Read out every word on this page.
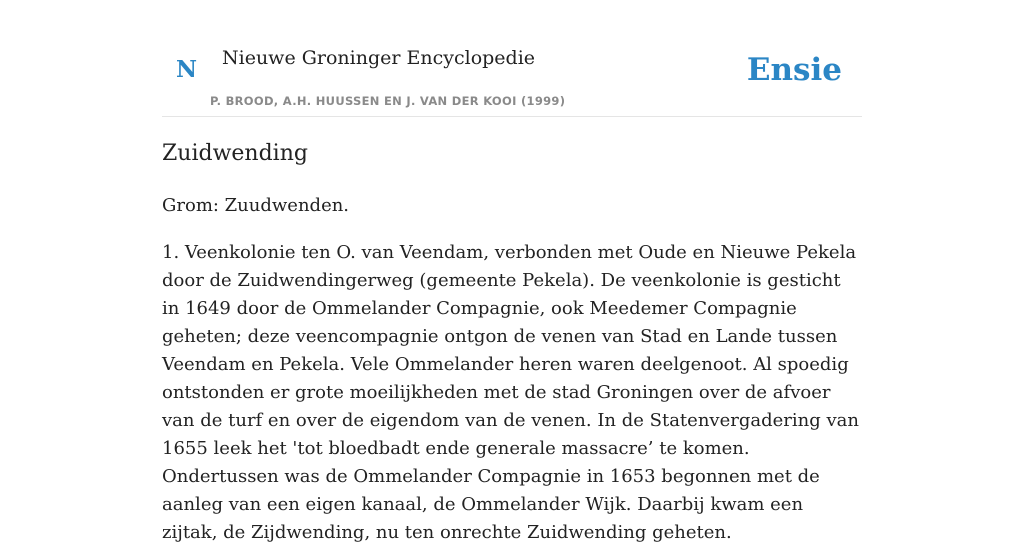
N Nieuwe Groninger Encyclopedie
P. BROOD, A.H. HUUSSEN EN J. VAN DER KOOI (1999)
Ensie
Zuidwending

Grom: Zuudwenden.

1. Veenkolonie ten O. van Veendam, verbonden met Oude en Nieuwe Pekela door de Zuidwendingerweg (gemeente Pekela). De veenkolonie is gesticht in 1649 door de Ommelander Compagnie, ook Meedemer Compagnie geheten; deze veencompagnie ontgon de venen van Stad en Lande tussen Veendam en Pekela. Vele Ommelander heren waren deelgenoot. Al spoedig ontstonden er grote moeilijkheden met de stad Groningen over de afvoer van de turf en over de eigendom van de venen. In de Statenvergadering van 1655 leek het 'tot bloedbadt ende generale massacre’ te komen. Ondertussen was de Ommelander Compagnie in 1653 begonnen met de aanleg van een eigen kanaal, de Ommelander Wijk. Daarbij kwam een zijtak, de Zijdwending, nu ten onrechte Zuidwending geheten.
